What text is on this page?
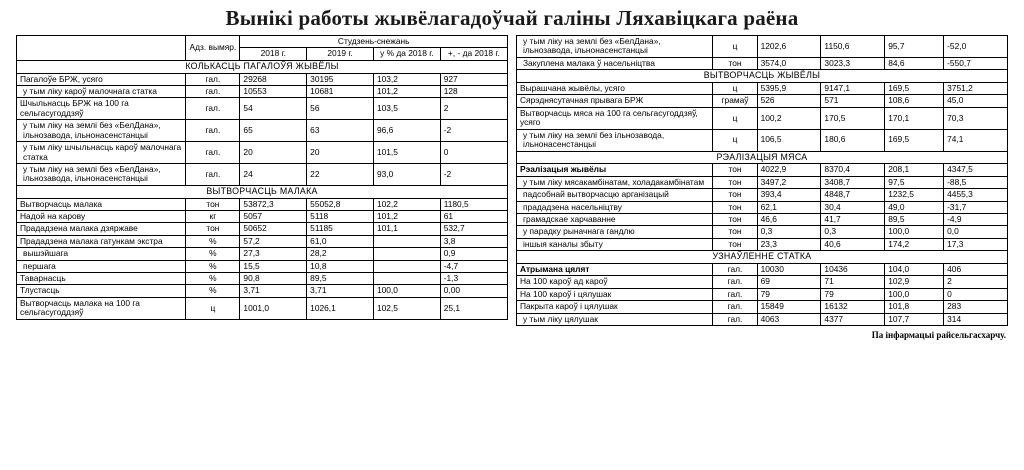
Вынікі работы жывёлагадоўчай галіны Ляхавіцкага раёна
	Адз. вымяр.	Студзень-снежань			
		2018 г.	2019 г.	у % да 2018 г.	+, - да 2018 г.
КОЛЬКАСЦЬ ПАГАЛОЎЯ ЖЫВЁЛЫ					
Пагалоўе БРЖ, усяго	гал.	29268	30195	103,2	927
у тым ліку кароў малочнага статка	гал.	10553	10681	101,2	128
Шчыльнасць БРЖ на 100 га сельгасугоддзяў	гал.	54	56	103,5	2
у тым ліку на землі без «БелДана», ільнозавода, ільнонасенстанцыі	гал.	65	63	96,6	-2
у тым ліку шчыльнасць кароў малочнага статка	гал.	20	20	101,5	0
у тым ліку на землі без «БелДана», ільнозавода, ільнонасенстанцыі	гал.	24	22	93,0	-2
ВЫТВОРЧАСЦЬ МАЛАКА					
Вытворчасць малака	тон	53872,3	55052,8	102,2	1180,5
Надой на карову	кг	5057	5118	101,2	61
Прададзена малака дзяржаве	тон	50652	51185	101,1	532,7
Прададзена малака гатункам экстра	%	57,2	61,0		3,8
вышэйшага	%	27,3	28,2		0,9
першага	%	15,5	10,8		-4,7
Таварнасць	%	90,8	89,5		-1,3
Тлустасць	%	3,71	3,71	100,0	0,00
Вытворчасць малака на 100 га сельгасугоддзяў	ц	1001,0	1026,1	102,5	25,1
у тым ліку на землі без «БелДана», ільнозавода, ільнонасенстанцыі	ц	1202,6	1150,6	95,7	-52,0
Закуплена малака ў насельніцтва	тон	3574,0	3023,3	84,6	-550,7
ВЫТВОРЧАСЦЬ ЖЫВЁЛЫ					
Вырашчана жывёлы, усяго	ц	5395,9	9147,1	169,5	3751,2
Сярэднясутачная прывага БРЖ	грамаў	526	571	108,6	45,0
Вытворчасць мяса на 100 га сельгасугоддзяў, усяго	ц	100,2	170,5	170,1	70,3
у тым ліку на землі без ільнозавода, ільнонасенстанцыі	ц	106,5	180,6	169,5	74,1
РЭАЛІЗАЦЫЯ МЯСА					
Рэалізацыя жывёлы	тон	4022,9	8370,4	208,1	4347,5
у тым ліку мясакамбінатам, холадакамбінатам	тон	3497,2	3408,7	97,5	-88,5
падсобнай вытворчасцю арганізацый	тон	393,4	4848,7	1232,5	4455,3
прададзена насельніцтву	тон	62,1	30,4	49,0	-31,7
грамадскае харчаванне	тон	46,6	41,7	89,5	-4,9
у парадку рыначнага гандлю	тон	0,3	0,3	100,0	0,0
іншыя каналы збыту	тон	23,3	40,6	174,2	17,3
УЗНАЎЛЕННЕ СТАТКА					
Атрымана цялят	гал.	10030	10436	104,0	406
На 100 кароў ад кароў	гал.	69	71	102,9	2
На 100 кароў і цялушак	гал.	79	79	100,0	0
Пакрыта кароў і цялушак	гал.	15849	16132	101,8	283
у тым ліку цялушак	гал.	4063	4377	107,7	314
Па інфармацыі райсельгасхарчу.
